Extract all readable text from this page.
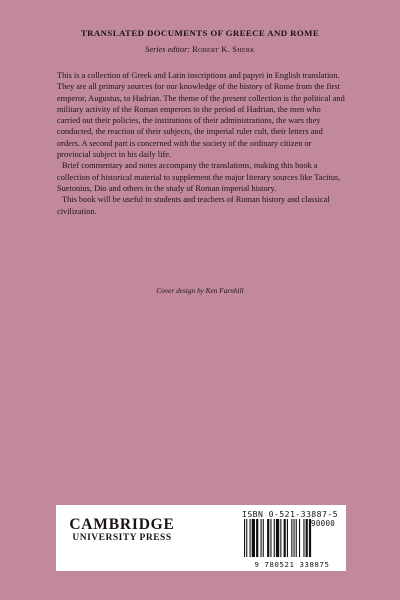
TRANSLATED DOCUMENTS OF GREECE AND ROME
Series editor: Robert K. Sherk

This is a collection of Greek and Latin inscriptions and papyri in English translation. They are all primary sources for our knowledge of the history of Rome from the first emperor, Augustus, to Hadrian. The theme of the present collection is the political and military activity of the Roman emperors to the period of Hadrian, the men who carried out their policies, the institutions of their administrations, the wars they conducted, the reaction of their subjects, the imperial ruler cult, their letters and orders. A second part is concerned with the society of the ordinary citizen or provincial subject in his daily life.

Brief commentary and notes accompany the translations, making this book a collection of historical material to supplement the major literary sources like Tacitus, Suetonius, Dio and others in the study of Roman imperial history.

This book will be useful to students and teachers of Roman history and classical civilization.

Cover design by Ken Farnhill
CAMBRIDGE
UNIVERSITY PRESS
ISBN 0-521-33887-5
90000
9 780521 338875
